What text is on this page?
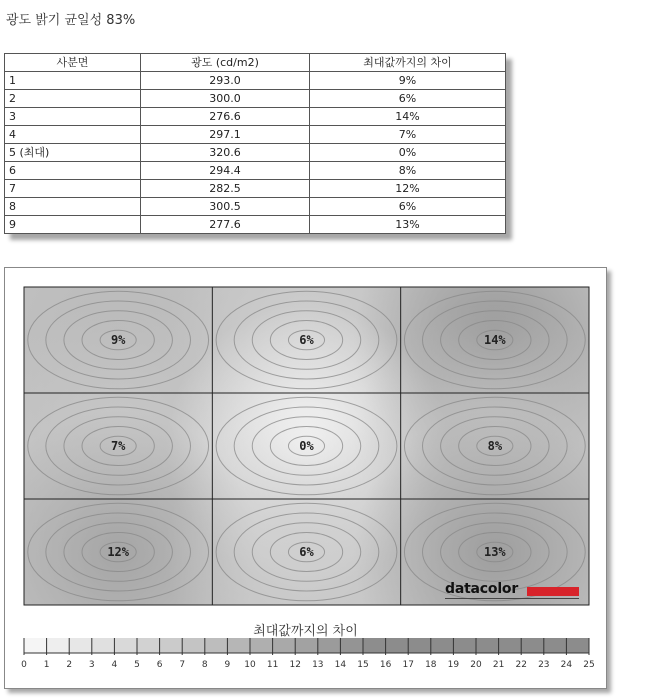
광도 밝기 균일성 83%
사분면	광도 (cd/m2)	최대값까지의 차이
1	293.0	9%
2	300.0	6%
3	276.6	14%
4	297.1	7%
5 (최대)	320.6	0%
6	294.4	8%
7	282.5	12%
8	300.5	6%
9	277.6	13%
9%	6%	14%
7%	0%	8%
12%	6%	13%
0 1 2 3 4 5 6 7 8 9 10 11 12 13 14 15 16 17 18 19 20 21 22 23 24 25
datacolor
최대값까지의 차이
